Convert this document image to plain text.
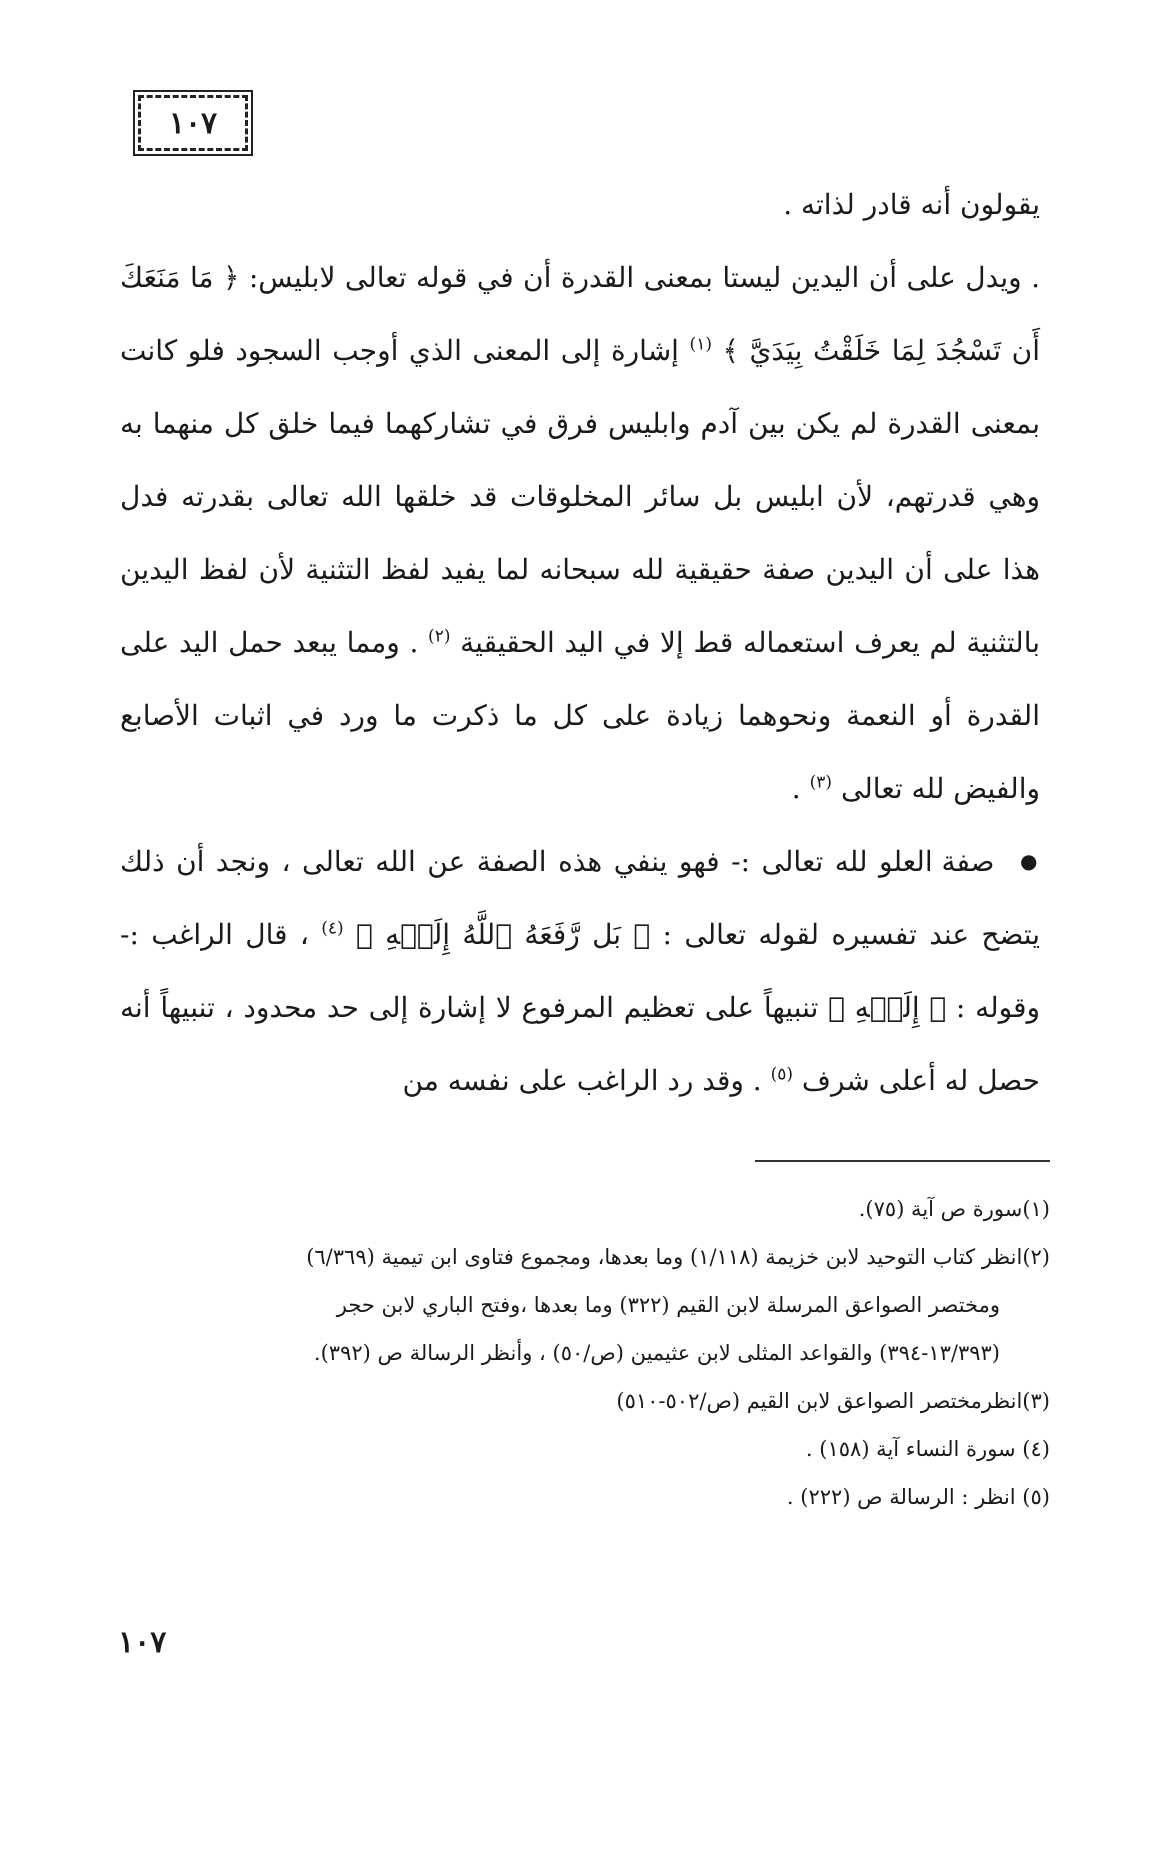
١٠٧

يقولون أنه قادر لذاته .

. ويدل على أن اليدين ليستا بمعنى القدرة أن في قوله تعالى لابليس: ﴿ مَا مَنَعَكَ أَن تَسْجُدَ لِمَا خَلَقْتُ بِيَدَيَّ ﴾ $^{(١)}$ إشارة إلى المعنى الذي أوجب السجود فلو كانت بمعنى القدرة لم يكن بين آدم وابليس فرق في تشاركهما فيما خلق كل منهما به وهي قدرتهم، لأن ابليس بل سائر المخلوقات قد خلقها الله تعالى بقدرته فدل هذا على أن اليدين صفة حقيقية لله سبحانه لما يفيد لفظ التثنية لأن لفظ اليدين بالتثنية لم يعرف استعماله قط إلا في اليد الحقيقية $^{(٢)}$ . ومما يبعد حمل اليد على القدرة أو النعمة ونحوهما زيادة على كل ما ذكرت ما ورد في اثبات الأصابع والفيض لله تعالى $^{(٣)}$ .

● صفة العلو لله تعالى :- فهو ينفي هذه الصفة عن الله تعالى ، ونجد أن ذلك يتضح عند تفسيره لقوله تعالى : ﴿ بَل رَّفَعَهُ ٱللَّهُ إِلَيۡهِ ﴾ $^{(٤)}$ ، قال الراغب :- وقوله : ﴿ إِلَيۡهِ ﴾ تنبيهاً على تعظيم المرفوع لا إشارة إلى حد محدود ، تنبيهاً أنه حصل له أعلى شرف $^{(٥)}$ . وقد رد الراغب على نفسه من

(١)سورة ص آية (٧٥).

(٢)انظر كتاب التوحيد لابن خزيمة (١/١١٨) وما بعدها، ومجموع فتاوى ابن تيمية (٦/٣٦٩)

ومختصر الصواعق المرسلة لابن القيم (٣٢٢) وما بعدها ،وفتح الباري لابن حجر

(١٣/٣٩٣-٣٩٤) والقواعد المثلى لابن عثيمين (ص/٥٠) ، وأنظر الرسالة ص (٣٩٢).

(٣)انظرمختصر الصواعق لابن القيم (ص/٥٠٢-٥١٠)

(٤) سورة النساء آية (١٥٨) .

(٥) انظر : الرسالة ص (٢٢٢) .

١٠٧
